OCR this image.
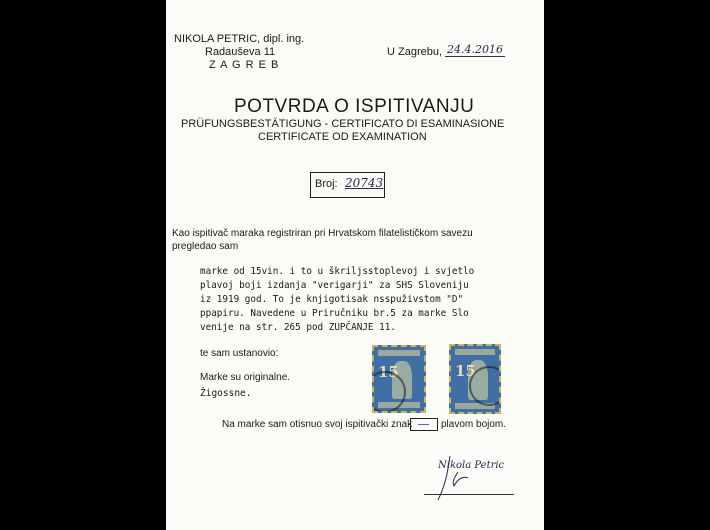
NIKOLA PETRIC, dipl. ing.
Radauševa 11
Z A G R E B
U Zagrebu, 24.4.2016
POTVRDA O ISPITIVANJU
PRÜFUNGSBESTÄTIGUNG - CERTIFICATO DI ESAMINASIONE
CERTIFICATE OD EXAMINATION
Broj: 20743
Kao ispitivač maraka registriran pri Hrvatskom filatelističkom savezu
pregledao sam
marke od 15vin. i to u škriljsstoplevoj i svjetlo
plavoj boji izdanja "verigarji" za SHS Sloveniju
iz 1919 god. To je knjigotisak nsspuživstom "D"
ppapiru. Navedene u Priručniku br.5 za marke Slo
venije na str. 265 pod ZUPČANJE 11.
te sam ustanovio:
Marke su originalne.
Žigossne.
15	15
Na marke sam otisnuo svoj ispitivački znak	plavom bojom.
Nikola Petric
